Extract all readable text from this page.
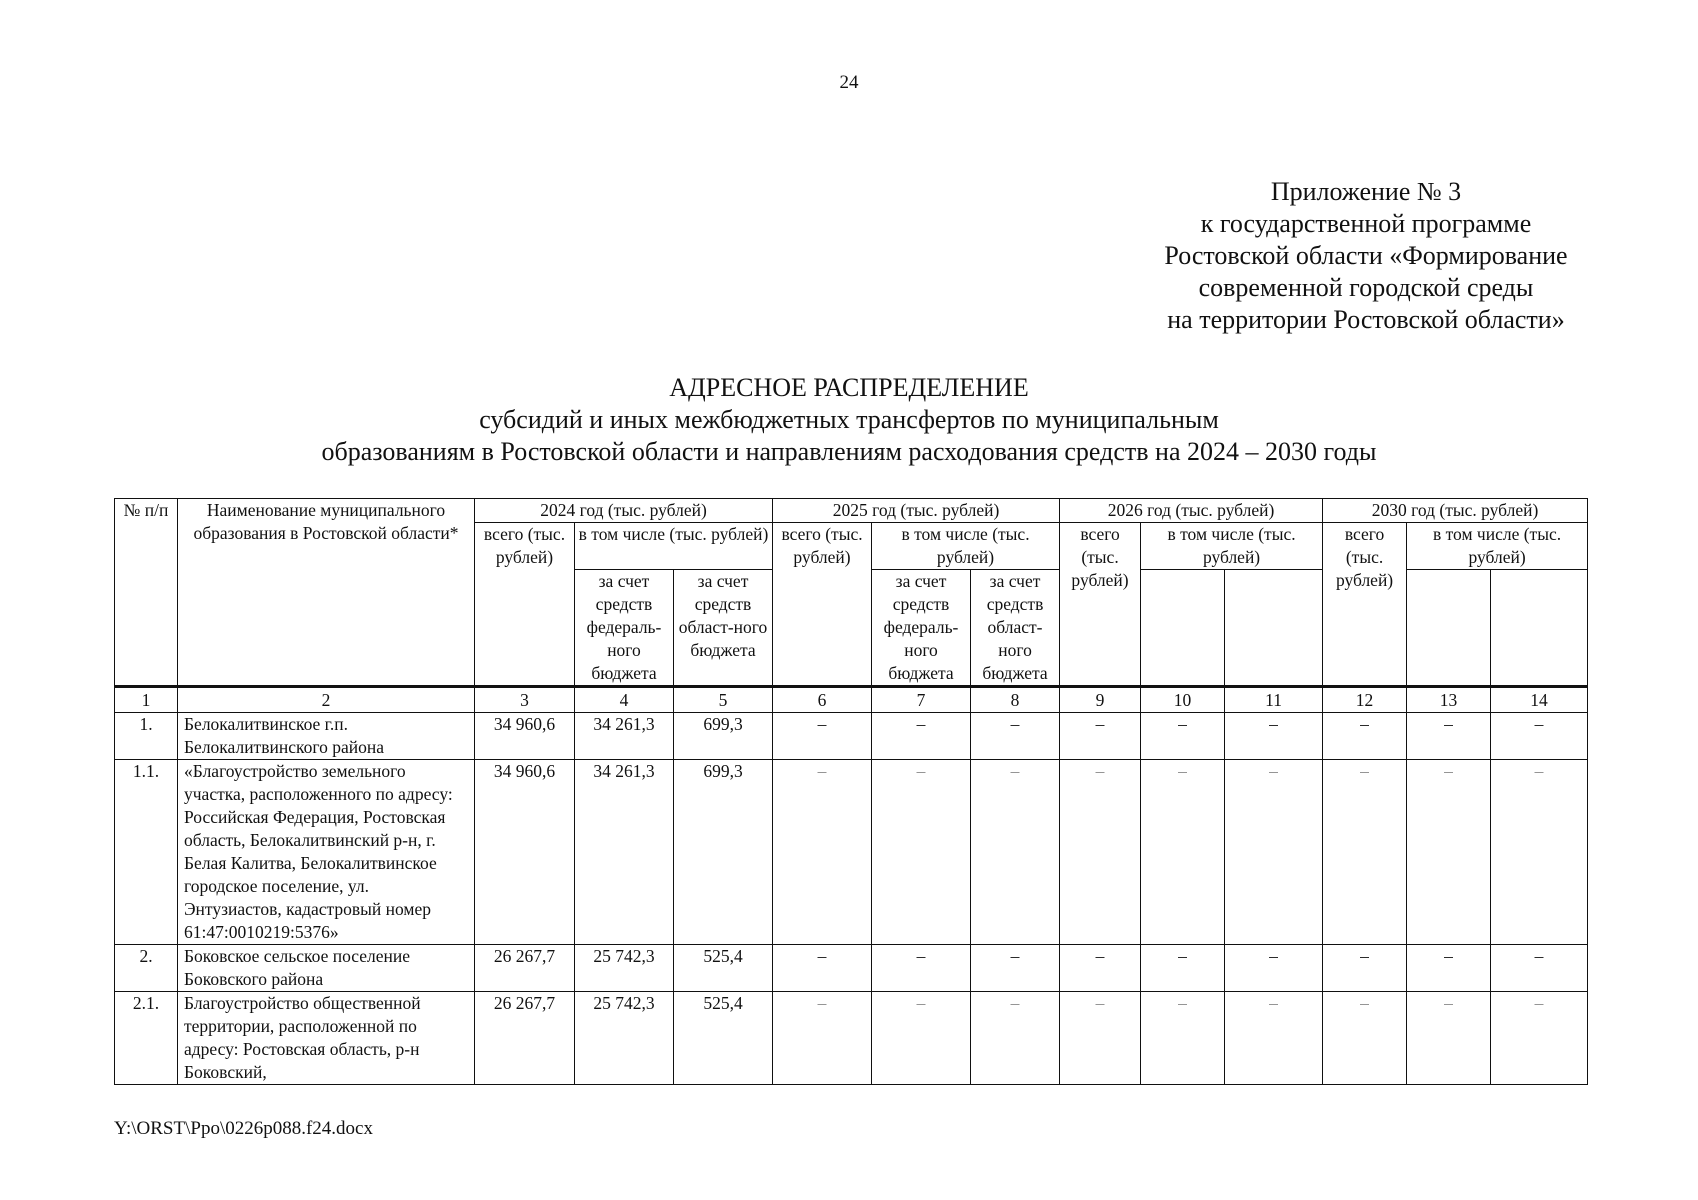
24
Приложение № 3
к государственной программе
Ростовской области «Формирование
современной городской среды
на территории Ростовской области»
АДРЕСНОЕ РАСПРЕДЕЛЕНИЕ
субсидий и иных межбюджетных трансфертов по муниципальным
образованиям в Ростовской области и направлениям расходования средств на 2024 – 2030 годы
№ п/п	Наименование муниципального образования в Ростовской области*	2024 год (тыс. рублей)			2025 год (тыс. рублей)			2026 год (тыс. рублей)			2030 год (тыс. рублей)		
		всего (тыс. рублей)	в том числе (тыс. рублей)		всего (тыс. рублей)	в том числе (тыс. рублей)		всего (тыс. рублей)	в том числе (тыс. рублей)		всего (тыс. рублей)	в том числе (тыс. рублей)	
			за счет средств федераль-ного бюджета	за счет средств област-ного бюджета		за счет средств федераль-ного бюджета	за счет средств област-ного бюджета						
1	2	3	4	5	6	7	8	9	10	11	12	13	14
1.	Белокалитвинское г.п. Белокалитвинского района	34 960,6	34 261,3	699,3	–	–	–	–	–	–	–	–	–
1.1.	«Благоустройство земельного участка, расположенного по адресу: Российская Федерация, Ростовская область, Белокалитвинский р-н, г. Белая Калитва, Белокалитвинское городское поселение, ул. Энтузиастов, кадастровый номер 61:47:0010219:5376»	34 960,6	34 261,3	699,3	–	–	–	–	–	–	–	–	–
2.	Боковское сельское поселение Боковского района	26 267,7	25 742,3	525,4	–	–	–	–	–	–	–	–	–
2.1.	Благоустройство общественной территории, расположенной по адресу: Ростовская область, р-н Боковский,	26 267,7	25 742,3	525,4	–	–	–	–	–	–	–	–	–
Y:\ORST\Ppo\0226p088.f24.docx
